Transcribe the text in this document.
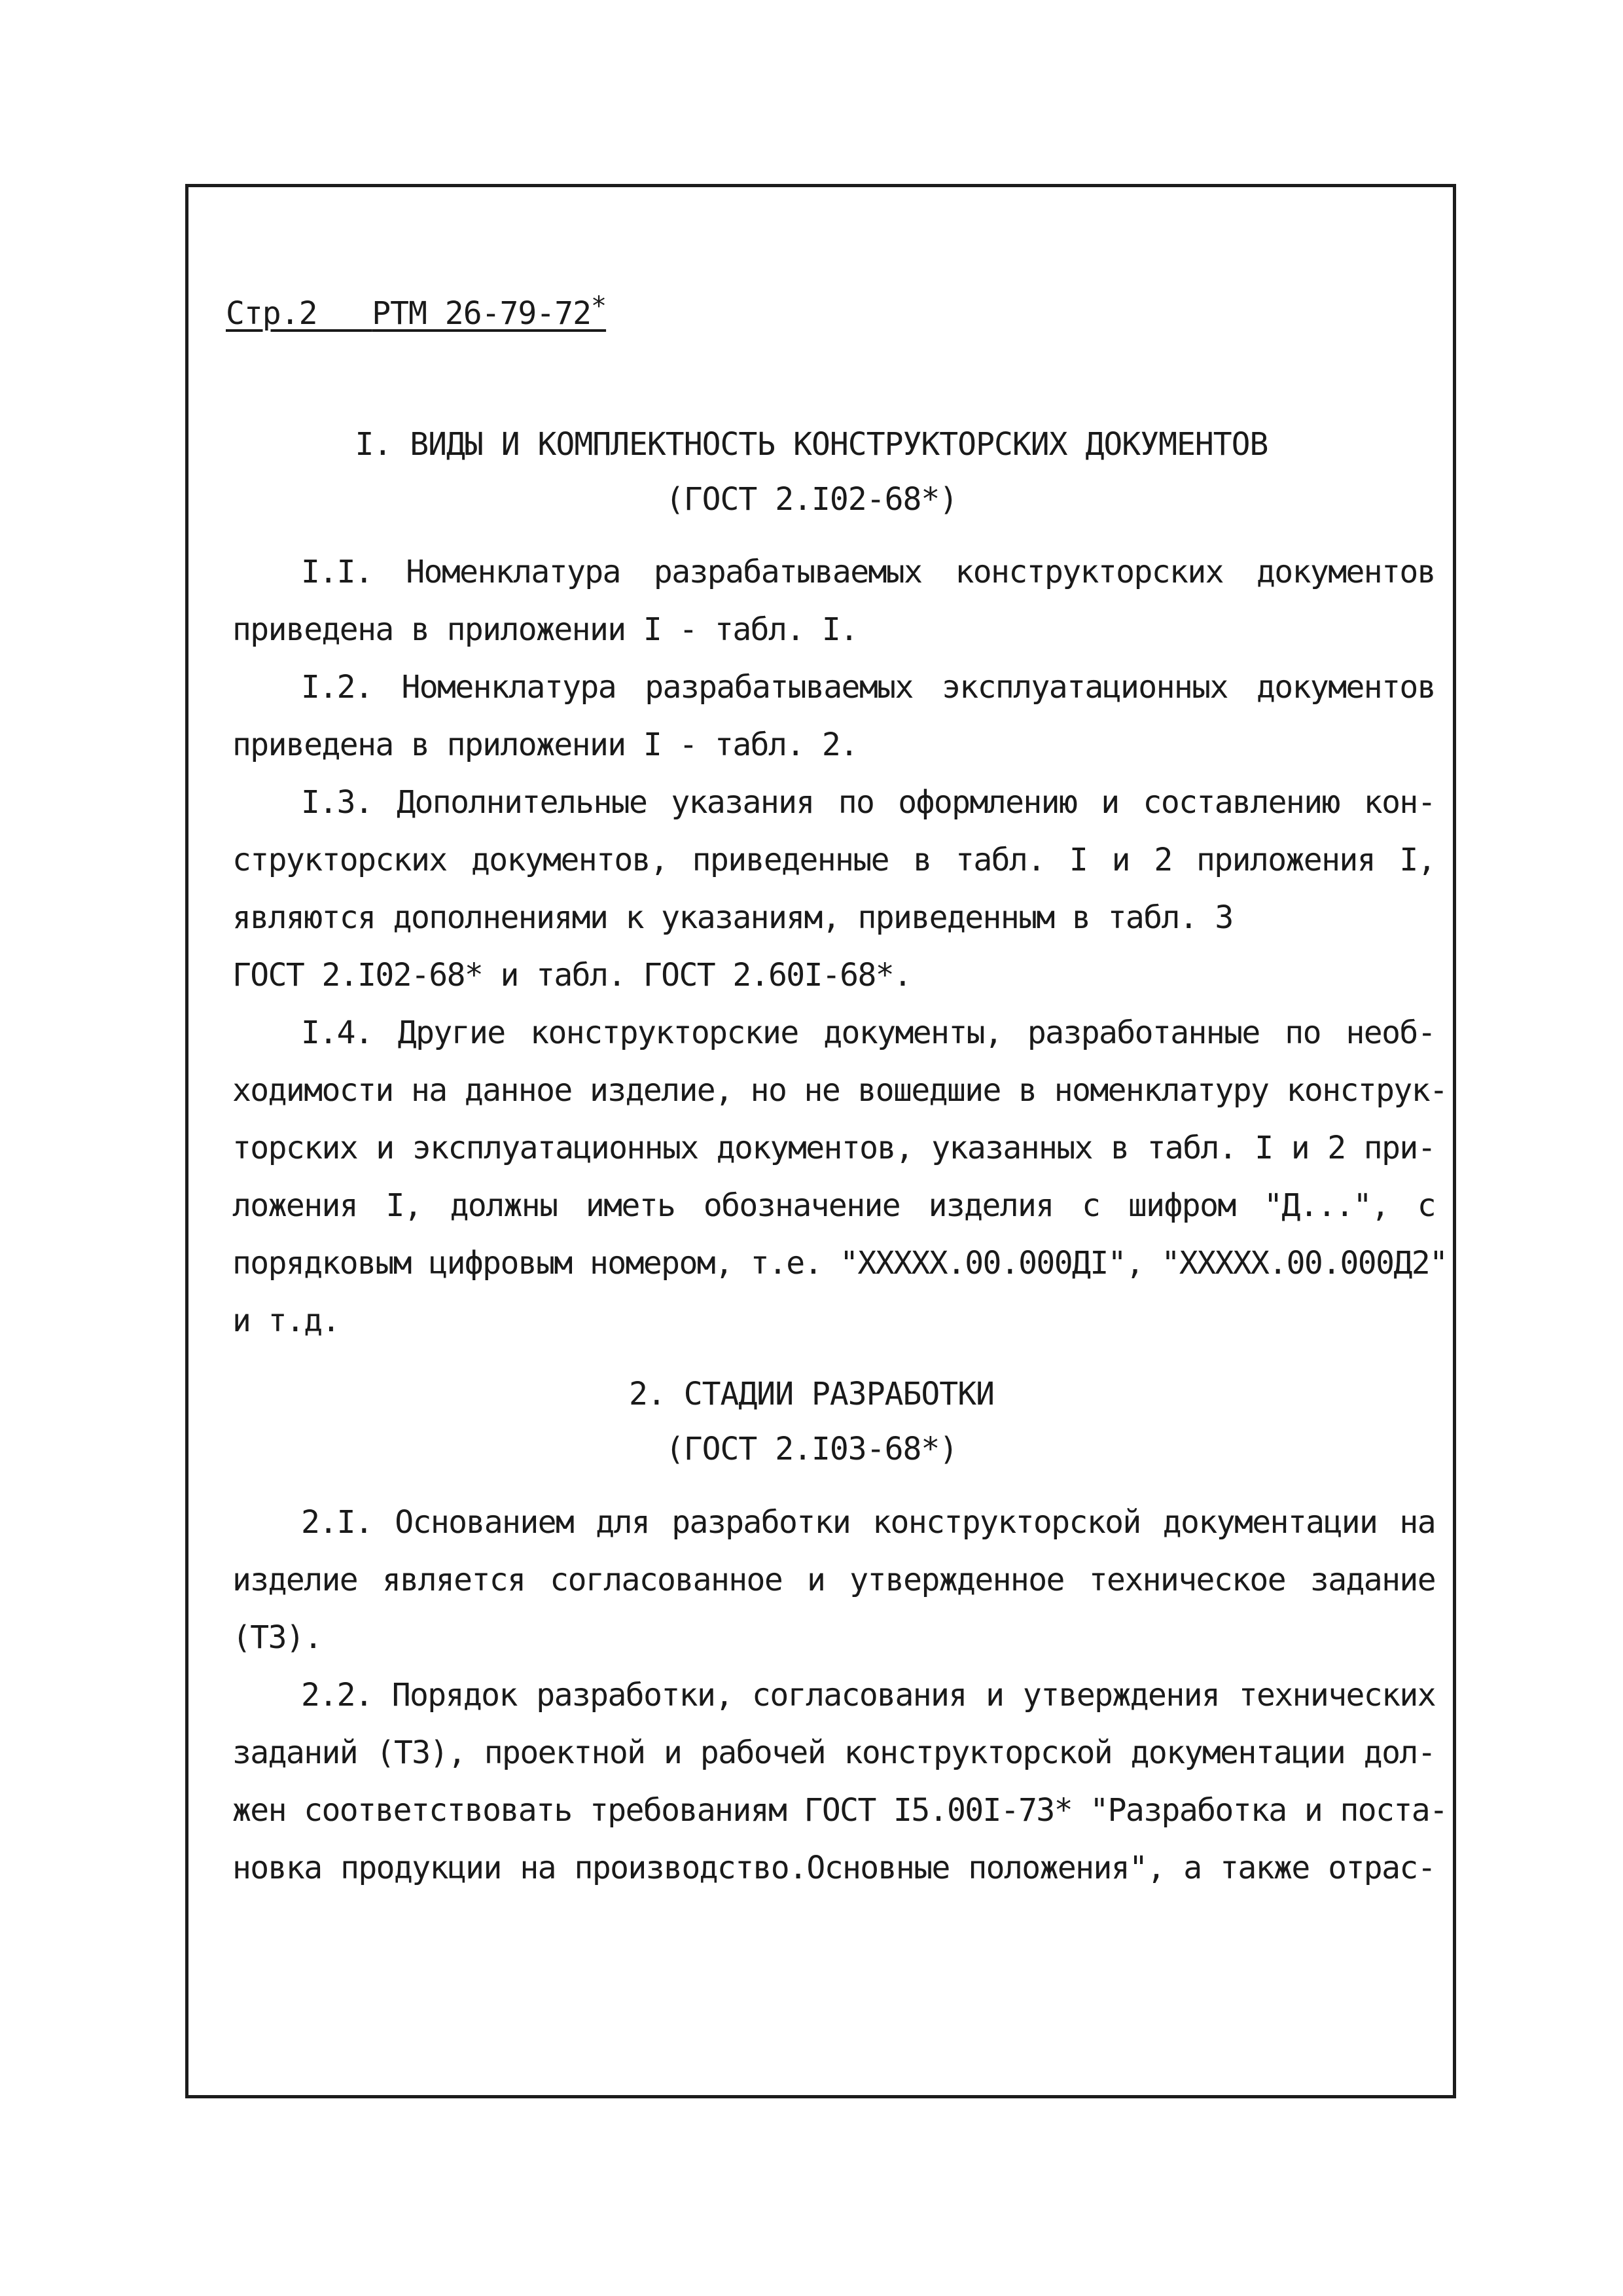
Стр.2 РТМ 26-79-72*
I. ВИДЫ И КОМПЛЕКТНОСТЬ КОНСТРУКТОРСКИХ ДОКУМЕНТОВ
(ГОСТ 2.I02-68*)
I.I. Номенклатура разрабатываемых конструкторских документов
приведена в приложении I - табл. I.
I.2. Номенклатура разрабатываемых эксплуатационных документов
приведена в приложении I - табл. 2.
I.3. Дополнительные указания по оформлению и составлению кон-
структорских документов, приведенные в табл. I и 2 приложения I,
являются дополнениями к указаниям, приведенным в табл. 3
ГОСТ 2.I02-68* и табл. ГОСТ 2.60I-68*.
I.4. Другие конструкторские документы, разработанные по необ-
ходимости на данное изделие, но не вошедшие в номенклатуру конструк-
торских и эксплуатационных документов, указанных в табл. I и 2 при-
ложения I, должны иметь обозначение изделия с шифром "Д...", с
порядковым цифровым номером, т.е. "XXXXX.00.000ДI", "XXXXX.00.000Д2"
и т.д.
2. СТАДИИ РАЗРАБОТКИ
(ГОСТ 2.I03-68*)
2.I. Основанием для разработки конструкторской документации на
изделие является согласованное и утвержденное техническое задание
(ТЗ).
2.2. Порядок разработки, согласования и утверждения технических
заданий (ТЗ), проектной и рабочей конструкторской документации дол-
жен соответствовать требованиям ГОСТ I5.00I-73* "Разработка и поста-
новка продукции на производство.Основные положения", а также отрас-
